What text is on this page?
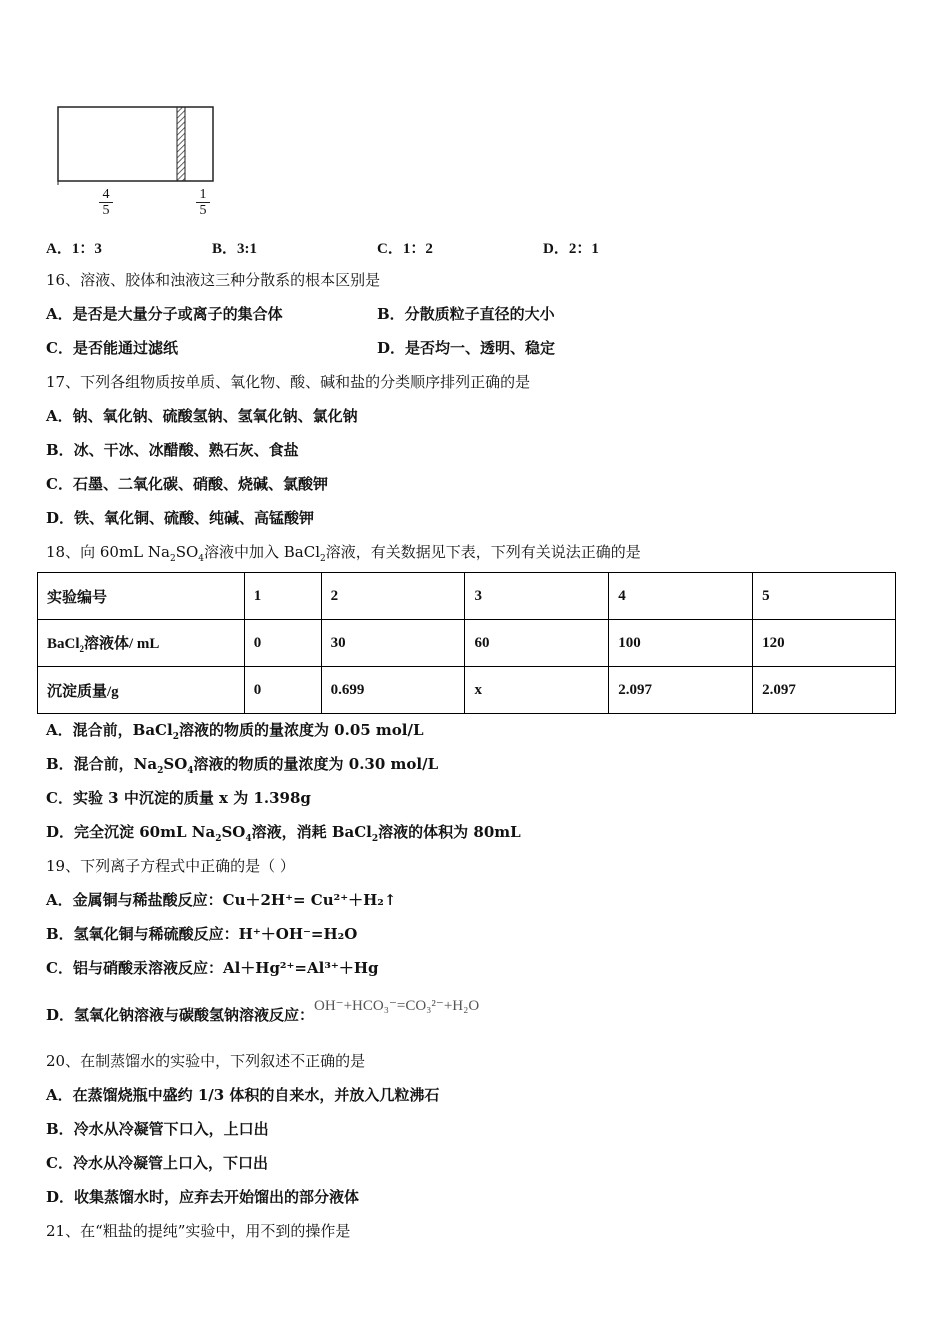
4
5
1
5
A．1：3	B．3:1	C．1：2	D．2：1
16、溶液、胶体和浊液这三种分散系的根本区别是
A．是否是大量分子或离子的集合体	B．分散质粒子直径的大小
C．是否能通过滤纸	D．是否均一、透明、稳定
17、下列各组物质按单质、氧化物、酸、碱和盐的分类顺序排列正确的是
A．钠、氧化钠、硫酸氢钠、氢氧化钠、氯化钠
B．冰、干冰、冰醋酸、熟石灰、食盐
C．石墨、二氧化碳、硝酸、烧碱、氯酸钾
D．铁、氧化铜、硫酸、纯碱、高锰酸钾
18、向 60mL $Na_2SO_4$溶液中加入 BaCl$_2$溶液，有关数据见下表，下列有关说法正确的是
实验编号	1	2	3	4	5
BaCl$_2$溶液体/ mL	0	30	60	100	120
沉淀质量/g	0	0.699	x	2.097	2.097
A．混合前，BaCl$_2$溶液的物质的量浓度为 0.05 mol/L
B．混合前，$Na_2SO_4$溶液的物质的量浓度为 0.30 mol/L
C．实验 3 中沉淀的质量 x 为 1.398g
D．完全沉淀 60mL $Na_2SO_4$溶液，消耗 BaCl$_2$溶液的体积为 80mL
19、下列离子方程式中正确的是（ ）
A．金属铜与稀盐酸反应：Cu＋2H⁺= Cu²⁺＋H₂↑
B．氢氧化铜与稀硫酸反应：H⁺＋OH⁻=H₂O
C．铝与硝酸汞溶液反应：Al＋Hg²⁺=Al³⁺＋Hg
D．氢氧化钠溶液与碳酸氢钠溶液反应：OH⁻+HCO₃⁻=CO₃²⁻+H₂O
20、在制蒸馏水的实验中，下列叙述不正确的是
A．在蒸馏烧瓶中盛约 1/3 体积的自来水，并放入几粒沸石
B．冷水从冷凝管下口入，上口出
C．冷水从冷凝管上口入，下口出
D．收集蒸馏水时，应弃去开始馏出的部分液体
21、在“粗盐的提纯”实验中，用不到的操作是
